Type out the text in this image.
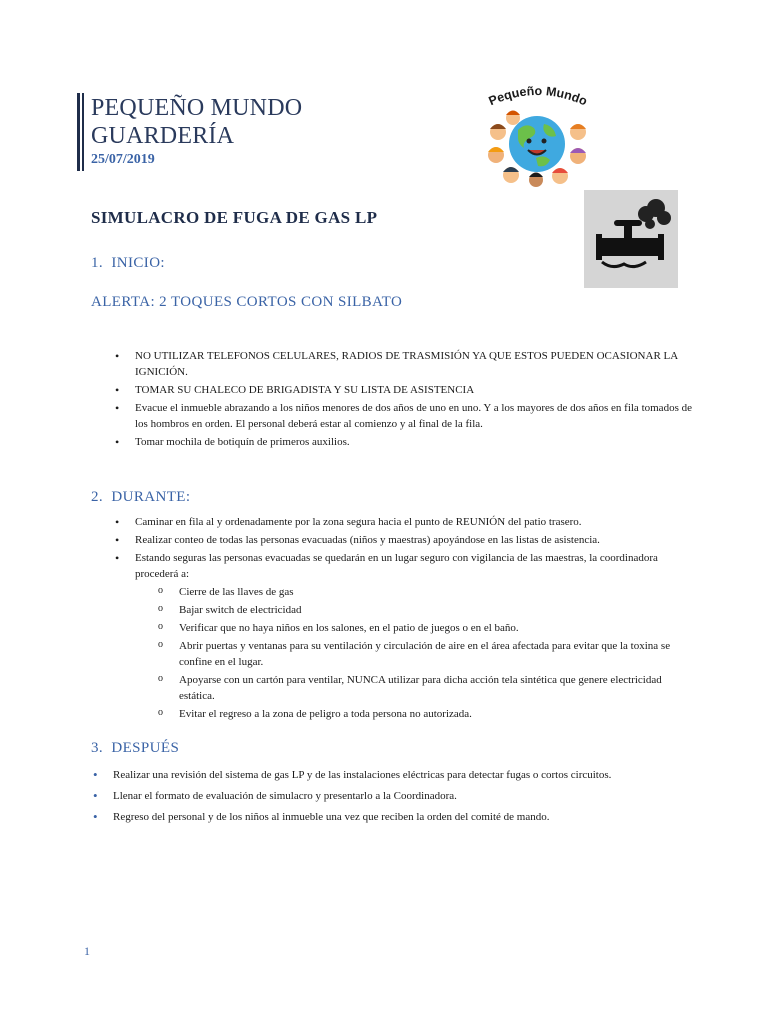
PEQUEÑO MUNDO
GUARDERÍA
25/07/2019
Pequeño Mundo
SIMULACRO DE FUGA DE GAS LP
1. INICIO:
ALERTA: 2 TOQUES CORTOS CON SILBATO
• NO UTILIZAR TELEFONOS CELULARES, RADIOS DE TRASMISIÓN YA QUE ESTOS PUEDEN OCASIONAR LA IGNICIÓN.
• TOMAR SU CHALECO DE BRIGADISTA Y SU LISTA DE ASISTENCIA
• Evacue el inmueble abrazando a los niños menores de dos años de uno en uno. Y a los mayores de dos años en fila tomados de los hombros en orden. El personal deberá estar al comienzo y al final de la fila.
• Tomar mochila de botiquín de primeros auxilios.
2. DURANTE:
• Caminar en fila al y ordenadamente por la zona segura hacia el punto de REUNIÓN del patio trasero.
• Realizar conteo de todas las personas evacuadas (niños y maestras) apoyándose en las listas de asistencia.
• Estando seguras las personas evacuadas se quedarán en un lugar seguro con vigilancia de las maestras, la coordinadora procederá a:
o Cierre de las llaves de gas
o Bajar switch de electricidad
o Verificar que no haya niños en los salones, en el patio de juegos o en el baño.
o Abrir puertas y ventanas para su ventilación y circulación de aire en el área afectada para evitar que la toxina se confine en el lugar.
o Apoyarse con un cartón para ventilar, NUNCA utilizar para dicha acción tela sintética que genere electricidad estática.
o Evitar el regreso a la zona de peligro a toda persona no autorizada.
3. DESPUÉS
• Realizar una revisión del sistema de gas LP y de las instalaciones eléctricas para detectar fugas o cortos circuitos.
• Llenar el formato de evaluación de simulacro y presentarlo a la Coordinadora.
• Regreso del personal y de los niños al inmueble una vez que reciben la orden del comité de mando.
1
